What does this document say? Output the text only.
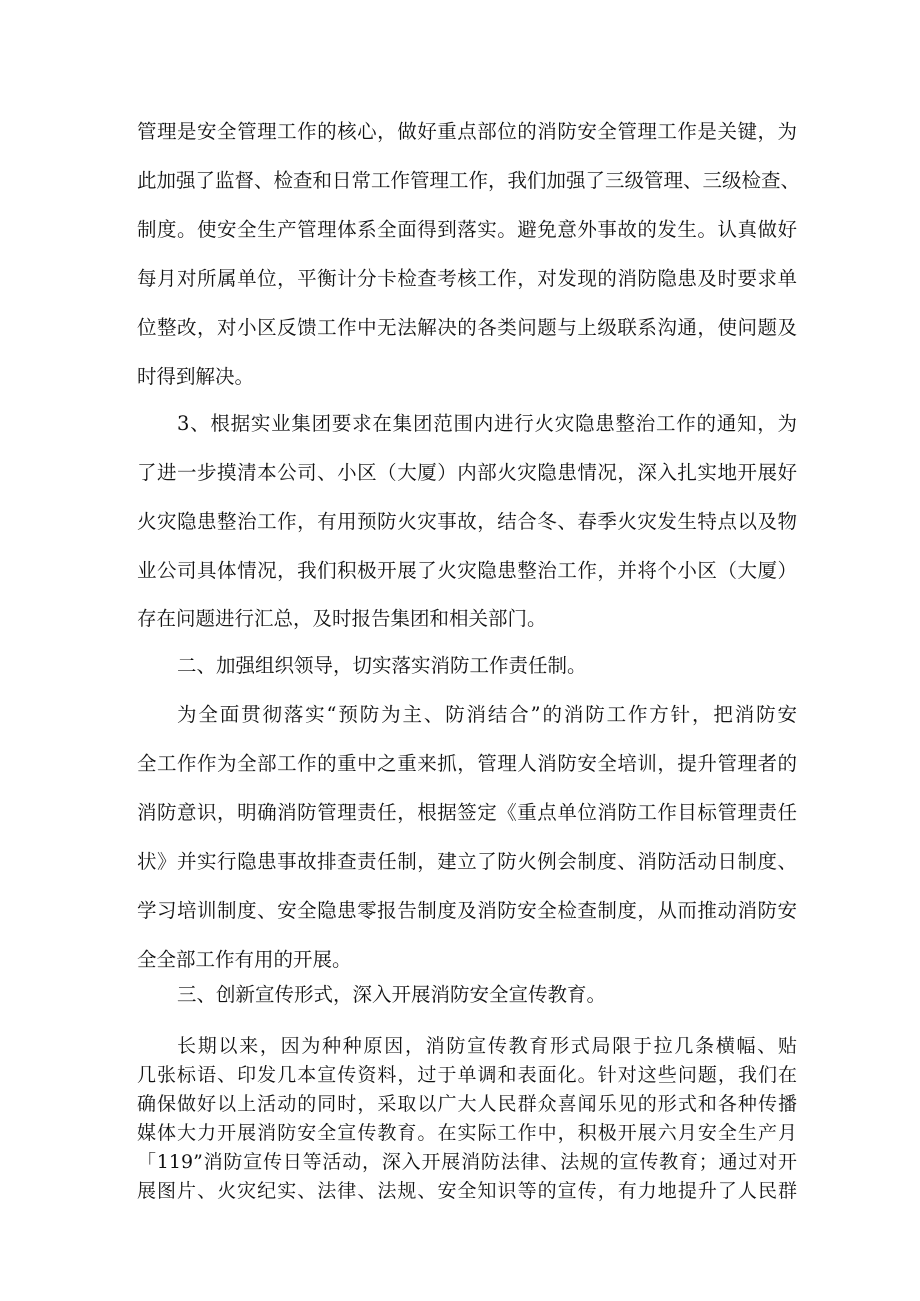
管理是安全管理工作的核心，做好重点部位的消防安全管理工作是关键，为
此加强了监督、检查和日常工作管理工作，我们加强了三级管理、三级检查、
制度。使安全生产管理体系全面得到落实。避免意外事故的发生。认真做好
每月对所属单位，平衡计分卡检查考核工作，对发现的消防隐患及时要求单
位整改，对小区反馈工作中无法解决的各类问题与上级联系沟通，使问题及
时得到解决。
3、根据实业集团要求在集团范围内进行火灾隐患整治工作的通知，为
了进一步摸清本公司、小区（大厦）内部火灾隐患情况，深入扎实地开展好
火灾隐患整治工作，有用预防火灾事故，结合冬、春季火灾发生特点以及物
业公司具体情况，我们积极开展了火灾隐患整治工作，并将个小区（大厦）
存在问题进行汇总，及时报告集团和相关部门。
二、加强组织领导，切实落实消防工作责任制。
为全面贯彻落实“预防为主、防消结合”的消防工作方针，把消防安
全工作作为全部工作的重中之重来抓，管理人消防安全培训，提升管理者的
消防意识，明确消防管理责任，根据签定《重点单位消防工作目标管理责任
状》并实行隐患事故排查责任制，建立了防火例会制度、消防活动日制度、
学习培训制度、安全隐患零报告制度及消防安全检查制度，从而推动消防安
全全部工作有用的开展。
三、创新宣传形式，深入开展消防安全宣传教育。
长期以来，因为种种原因，消防宣传教育形式局限于拉几条横幅、贴
几张标语、印发几本宣传资料，过于单调和表面化。针对这些问题，我们在
确保做好以上活动的同时，采取以广大人民群众喜闻乐见的形式和各种传播
媒体大力开展消防安全宣传教育。在实际工作中，积极开展六月安全生产月
「119”消防宣传日等活动，深入开展消防法律、法规的宣传教育；通过对开
展图片、火灾纪实、法律、法规、安全知识等的宣传，有力地提升了人民群
